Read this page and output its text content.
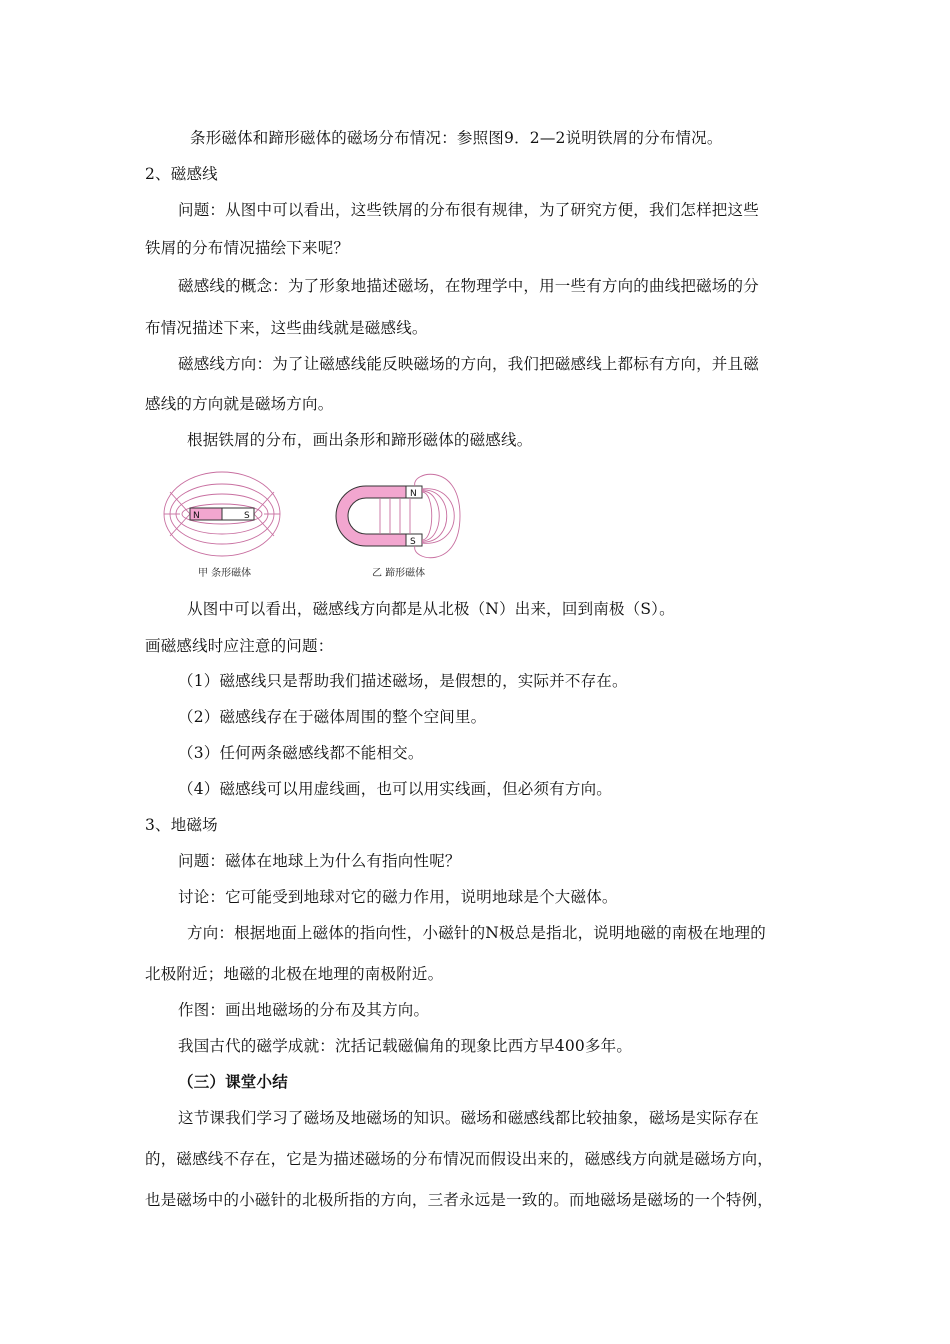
条形磁体和蹄形磁体的磁场分布情况：参照图9．2—2说明铁屑的分布情况。
2、磁感线
问题：从图中可以看出，这些铁屑的分布很有规律，为了研究方便，我们怎样把这些
铁屑的分布情况描绘下来呢？
磁感线的概念：为了形象地描述磁场，在物理学中，用一些有方向的曲线把磁场的分
布情况描述下来，这些曲线就是磁感线。
磁感线方向：为了让磁感线能反映磁场的方向，我们把磁感线上都标有方向，并且磁
感线的方向就是磁场方向。
根据铁屑的分布，画出条形和蹄形磁体的磁感线。
N	S
甲 条形磁体
N
S
乙 蹄形磁体
从图中可以看出，磁感线方向都是从北极（N）出来，回到南极（S）。
画磁感线时应注意的问题：
（1）磁感线只是帮助我们描述磁场，是假想的，实际并不存在。
（2）磁感线存在于磁体周围的整个空间里。
（3）任何两条磁感线都不能相交。
（4）磁感线可以用虚线画，也可以用实线画，但必须有方向。
3、地磁场
问题：磁体在地球上为什么有指向性呢？
讨论：它可能受到地球对它的磁力作用，说明地球是个大磁体。
方向：根据地面上磁体的指向性，小磁针的N极总是指北，说明地磁的南极在地理的
北极附近；地磁的北极在地理的南极附近。
作图：画出地磁场的分布及其方向。
我国古代的磁学成就：沈括记载磁偏角的现象比西方早400多年。
（三）课堂小结
这节课我们学习了磁场及地磁场的知识。磁场和磁感线都比较抽象，磁场是实际存在
的，磁感线不存在，它是为描述磁场的分布情况而假设出来的，磁感线方向就是磁场方向，
也是磁场中的小磁针的北极所指的方向，三者永远是一致的。而地磁场是磁场的一个特例，
